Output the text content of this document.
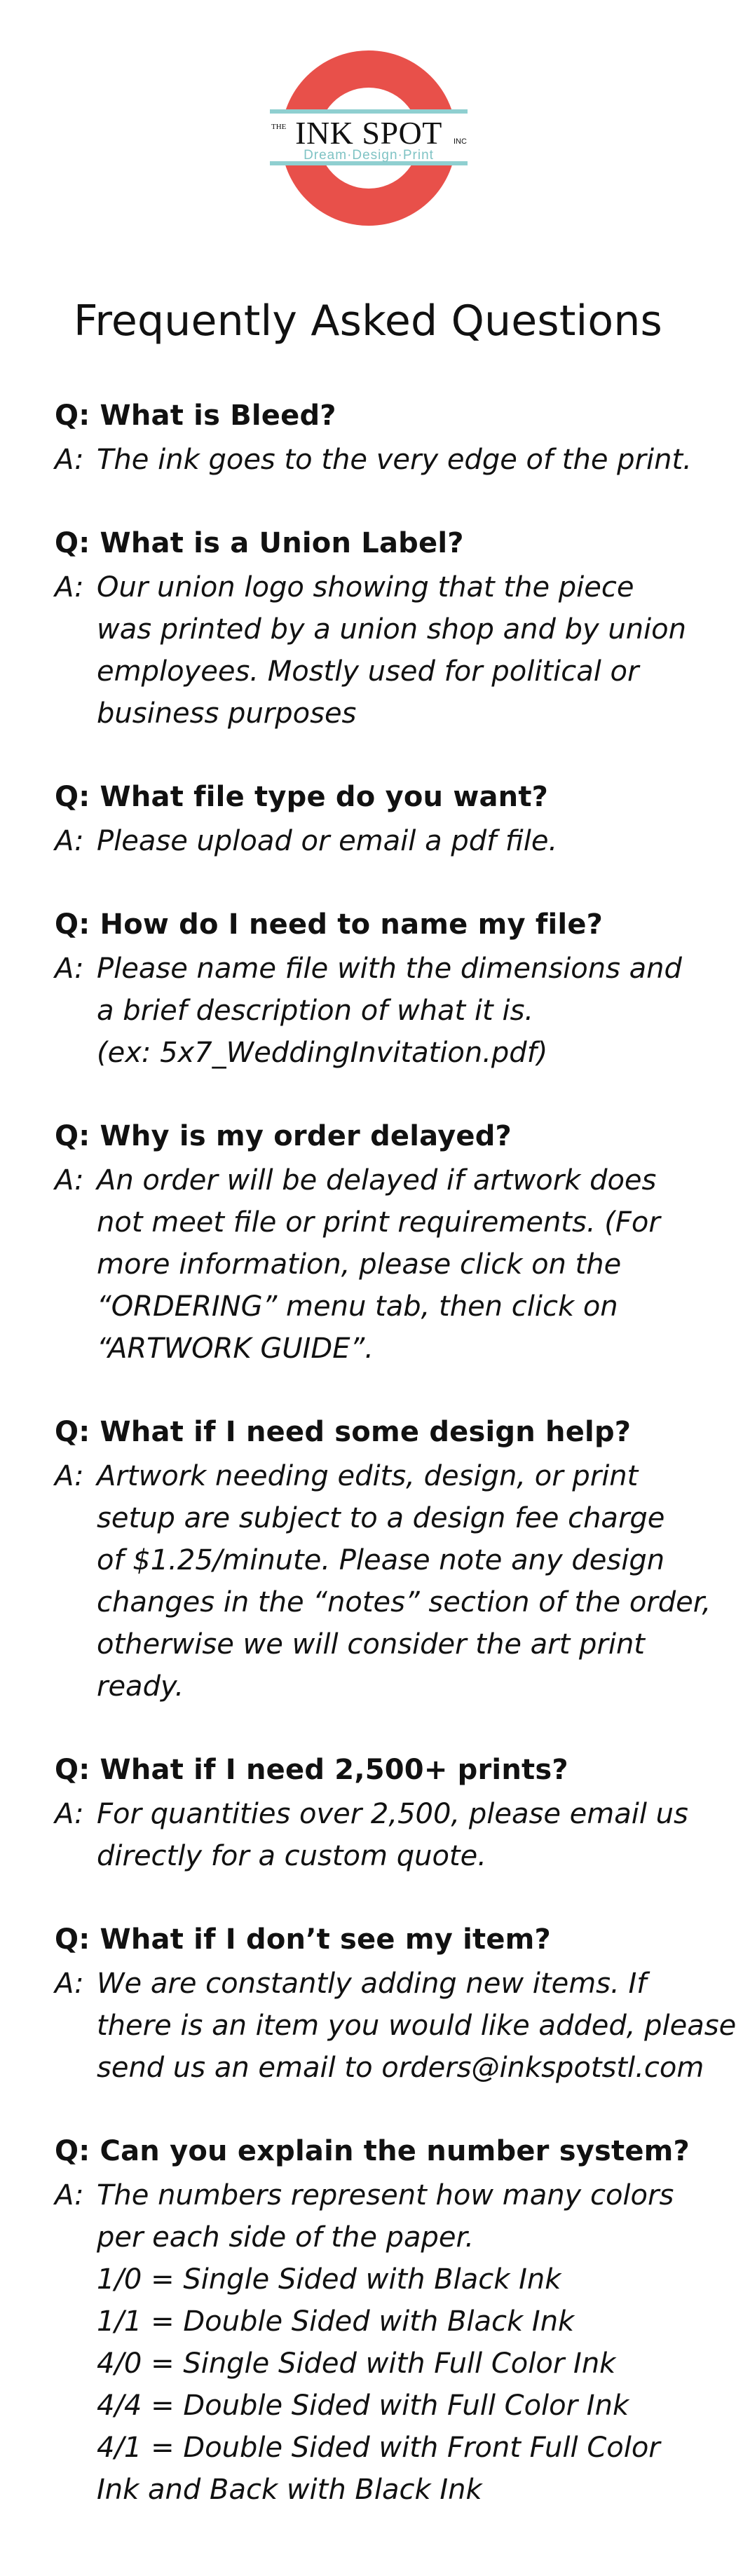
THE INK SPOT INC
Dream·Design·Print
Frequently Asked Questions

Q: What is Bleed?

A: The ink goes to the very edge of the print.

Q: What is a Union Label?

A: Our union logo showing that the piece
was printed by a union shop and by union
employees. Mostly used for political or
business purposes

Q: What file type do you want?

A: Please upload or email a pdf file.

Q: How do I need to name my file?

A: Please name file with the dimensions and
a brief description of what it is.
(ex: 5x7_WeddingInvitation.pdf)

Q: Why is my order delayed?

A: An order will be delayed if artwork does
not meet file or print requirements. (For
more information, please click on the
“ORDERING” menu tab, then click on
“ARTWORK GUIDE”.

Q: What if I need some design help?

A: Artwork needing edits, design, or print
setup are subject to a design fee charge
of $1.25/minute. Please note any design
changes in the “notes” section of the order,
otherwise we will consider the art print
ready.

Q: What if I need 2,500+ prints?

A: For quantities over 2,500, please email us
directly for a custom quote.

Q: What if I don’t see my item?

A: We are constantly adding new items. If
there is an item you would like added, please
send us an email to orders@inkspotstl.com

Q: Can you explain the number system?

A: The numbers represent how many colors
per each side of the paper.
1/0 = Single Sided with Black Ink
1/1 = Double Sided with Black Ink
4/0 = Single Sided with Full Color Ink
4/4 = Double Sided with Full Color Ink
4/1 = Double Sided with Front Full Color
Ink and Back with Black Ink
